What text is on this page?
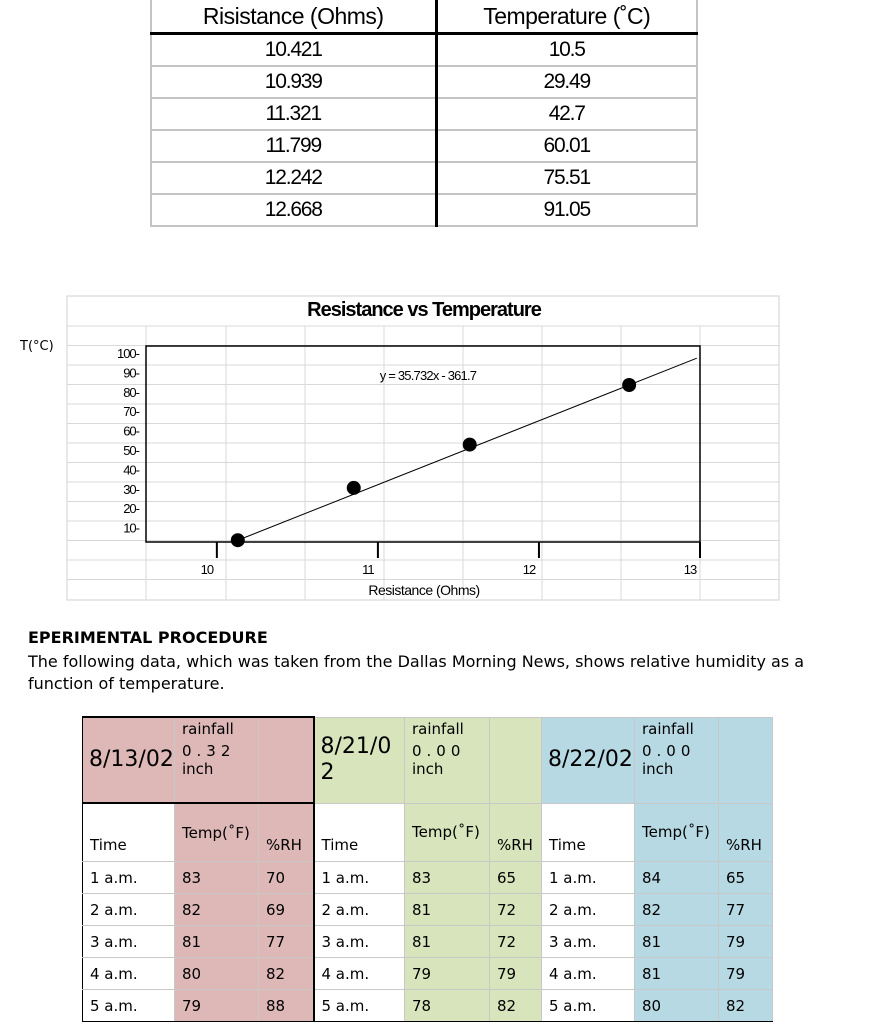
Risistance (Ohms)	Temperature (˚C)
10.421	10.5
10.939	29.49
11.321	42.7
11.799	60.01
12.242	75.51
12.668	91.05
Resistance vs Temperature
T(°C)	100-
90-
80-
70-
60-
50-
40-
30-
20-
10-
10	11	12	13
y = 35.732x - 361.7
Resistance (Ohms)
EPERIMENTAL PROCEDURE
The following data, which was taken from the Dallas Morning News, shows relative humidity as a function of temperature.
8/13/02	rainfall
0.32
inch		8/21/02	rainfall
0.00
inch		8/22/02	rainfall
0.00
inch	

Time	Temp(˚F)	%RH	Time	Temp(˚F)	%RH	Time	Temp(˚F)	%RH
1 a.m.	83	70	1 a.m.	83	65	1 a.m.	84	65
2 a.m.	82	69	2 a.m.	81	72	2 a.m.	82	77
3 a.m.	81	77	3 a.m.	81	72	3 a.m.	81	79
4 a.m.	80	82	4 a.m.	79	79	4 a.m.	81	79
5 a.m.	79	88	5 a.m.	78	82	5 a.m.	80	82
